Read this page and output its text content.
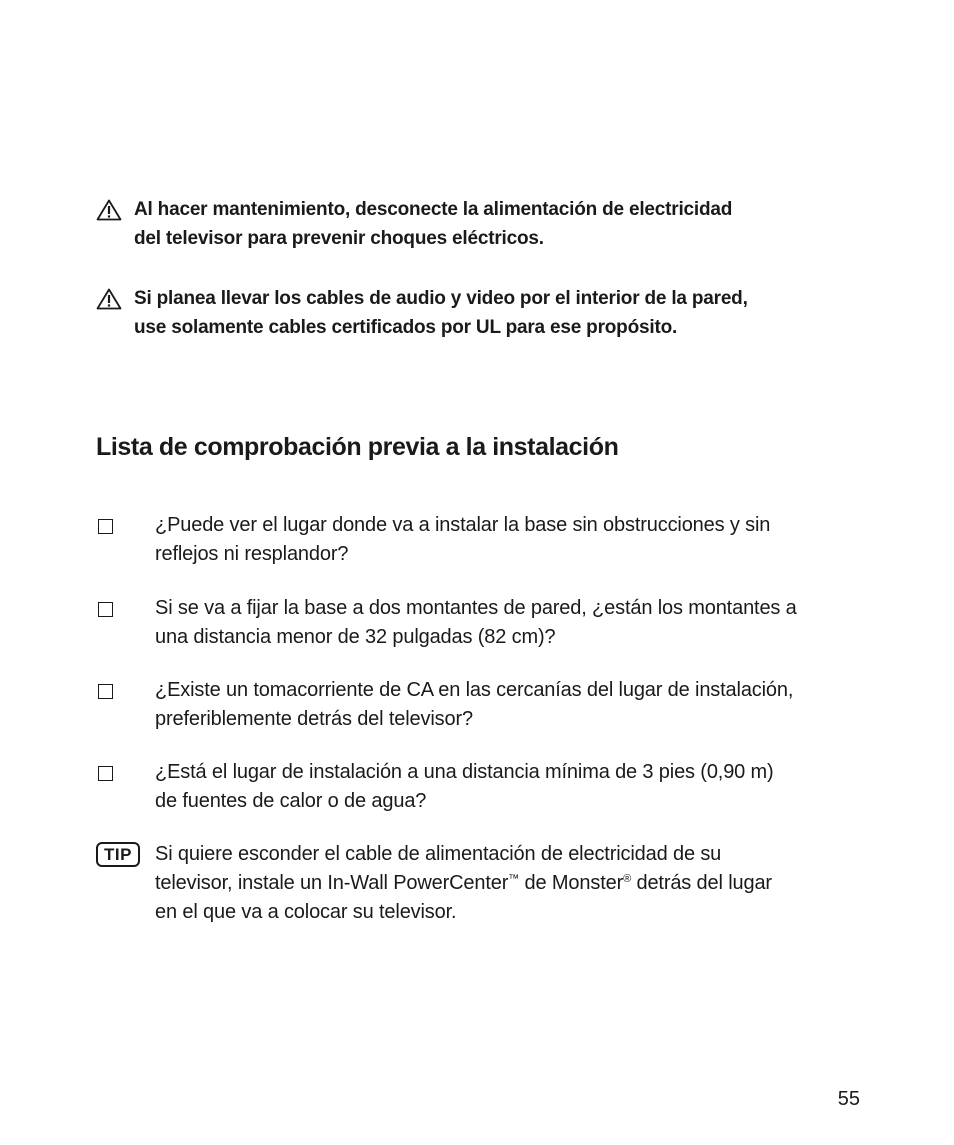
Al hacer mantenimiento, desconecte la alimentación de electricidad
del televisor para prevenir choques eléctricos.
Si planea llevar los cables de audio y video por el interior de la pared,
use solamente cables certificados por UL para ese propósito.
Lista de comprobación previa a la instalación
¿Puede ver el lugar donde va a instalar la base sin obstrucciones y sin
reflejos ni resplandor?
Si se va a fijar la base a dos montantes de pared, ¿están los montantes a
una distancia menor de 32 pulgadas (82 cm)?
¿Existe un tomacorriente de CA en las cercanías del lugar de instalación,
preferiblemente detrás del televisor?
¿Está el lugar de instalación a una distancia mínima de 3 pies (0,90 m)
de fuentes de calor o de agua?
TIP	Si quiere esconder el cable de alimentación de electricidad de su
televisor, instale un In-Wall PowerCenter™ de Monster® detrás del lugar
en el que va a colocar su televisor.
55
